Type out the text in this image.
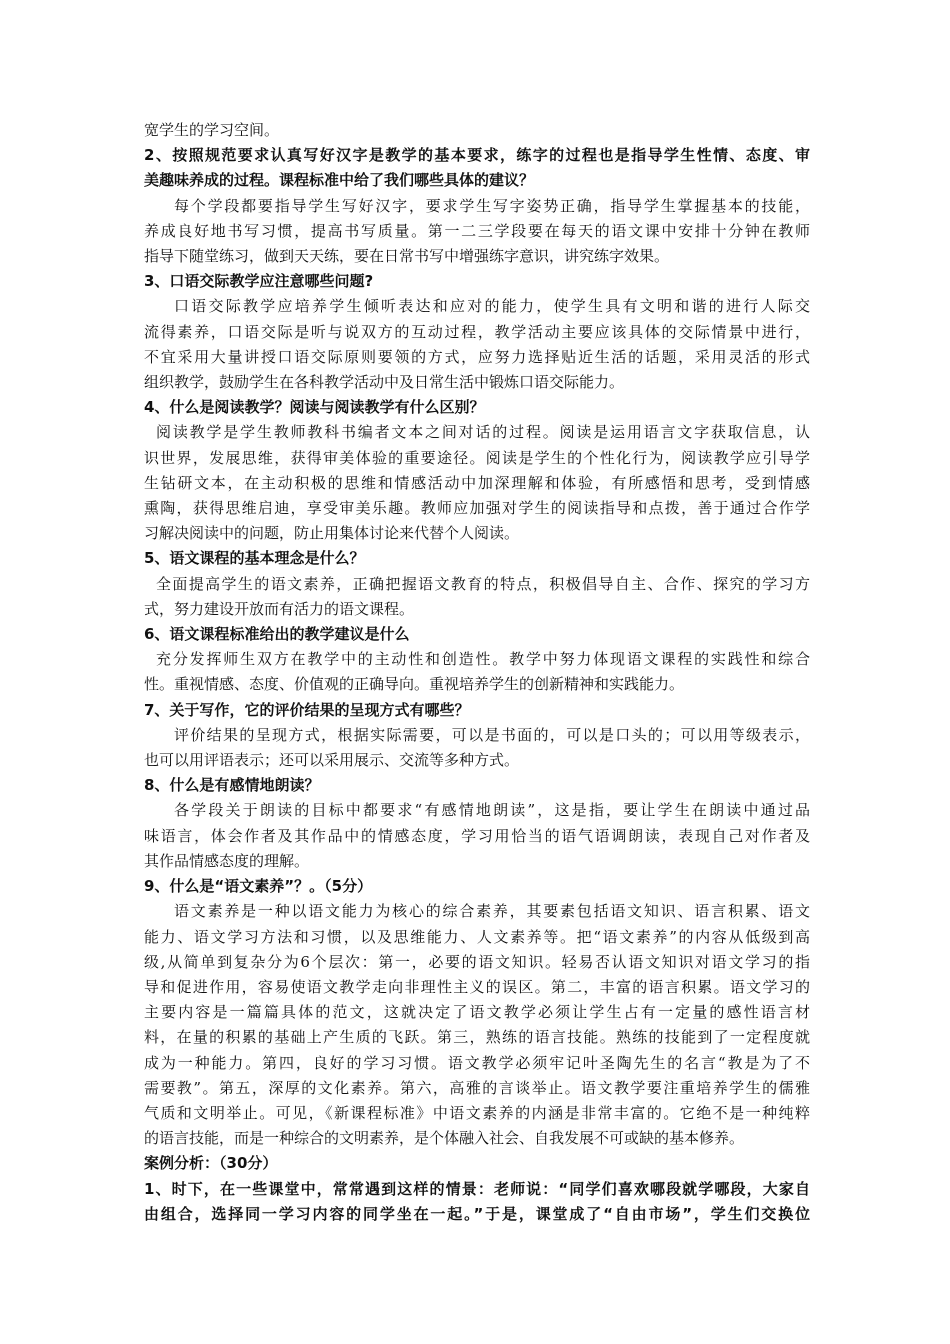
宽学生的学习空间。
2、按照规范要求认真写好汉字是教学的基本要求，练字的过程也是指导学生性情、态度、审
美趣味养成的过程。课程标准中给了我们哪些具体的建议？
每个学段都要指导学生写好汉字，要求学生写字姿势正确，指导学生掌握基本的技能，
养成良好地书写习惯，提高书写质量。第一二三学段要在每天的语文课中安排十分钟在教师
指导下随堂练习，做到天天练，要在日常书写中增强练字意识，讲究练字效果。
3、口语交际教学应注意哪些问题?
口语交际教学应培养学生倾听表达和应对的能力，使学生具有文明和谐的进行人际交
流得素养，口语交际是听与说双方的互动过程，教学活动主要应该具体的交际情景中进行，
不宜采用大量讲授口语交际原则要领的方式，应努力选择贴近生活的话题，采用灵活的形式
组织教学，鼓励学生在各科教学活动中及日常生活中锻炼口语交际能力。
4、什么是阅读教学？阅读与阅读教学有什么区别？
阅读教学是学生教师教科书编者文本之间对话的过程。阅读是运用语言文字获取信息，认
识世界，发展思维，获得审美体验的重要途径。阅读是学生的个性化行为，阅读教学应引导学
生钻研文本，在主动积极的思维和情感活动中加深理解和体验，有所感悟和思考，受到情感
熏陶，获得思维启迪，享受审美乐趣。教师应加强对学生的阅读指导和点拨，善于通过合作学
习解决阅读中的问题，防止用集体讨论来代替个人阅读。
5、语文课程的基本理念是什么？
全面提高学生的语文素养，正确把握语文教育的特点，积极倡导自主、合作、探究的学习方
式，努力建设开放而有活力的语文课程。
6、语文课程标准给出的教学建议是什么
充分发挥师生双方在教学中的主动性和创造性。教学中努力体现语文课程的实践性和综合
性。重视情感、态度、价值观的正确导向。重视培养学生的创新精神和实践能力。
7、关于写作，它的评价结果的呈现方式有哪些？
评价结果的呈现方式，根据实际需要，可以是书面的，可以是口头的；可以用等级表示，
也可以用评语表示；还可以采用展示、交流等多种方式。
8、什么是有感情地朗读？
各学段关于朗读的目标中都要求“有感情地朗读”，这是指，要让学生在朗读中通过品
味语言，体会作者及其作品中的情感态度，学习用恰当的语气语调朗读，表现自己对作者及
其作品情感态度的理解。
9、什么是“语文素养”？。（5分）
语文素养是一种以语文能力为核心的综合素养，其要素包括语文知识、语言积累、语文
能力、语文学习方法和习惯，以及思维能力、人文素养等。把“语文素养”的内容从低级到高
级,从简单到复杂分为6个层次：第一，必要的语文知识。轻易否认语文知识对语文学习的指
导和促进作用，容易使语文教学走向非理性主义的误区。第二，丰富的语言积累。语文学习的
主要内容是一篇篇具体的范文，这就决定了语文教学必须让学生占有一定量的感性语言材
料，在量的积累的基础上产生质的飞跃。第三，熟练的语言技能。熟练的技能到了一定程度就
成为一种能力。第四，良好的学习习惯。语文教学必须牢记叶圣陶先生的名言“教是为了不
需要教”。第五，深厚的文化素养。第六，高雅的言谈举止。语文教学要注重培养学生的儒雅
气质和文明举止。可见，《新课程标准》中语文素养的内涵是非常丰富的。它绝不是一种纯粹
的语言技能，而是一种综合的文明素养，是个体融入社会、自我发展不可或缺的基本修养。
案例分析：（30分）
1、时下，在一些课堂中，常常遇到这样的情景：老师说：“同学们喜欢哪段就学哪段，大家自
由组合，选择同一学习内容的同学坐在一起。”于是，课堂成了“自由市场”，学生们交换位
